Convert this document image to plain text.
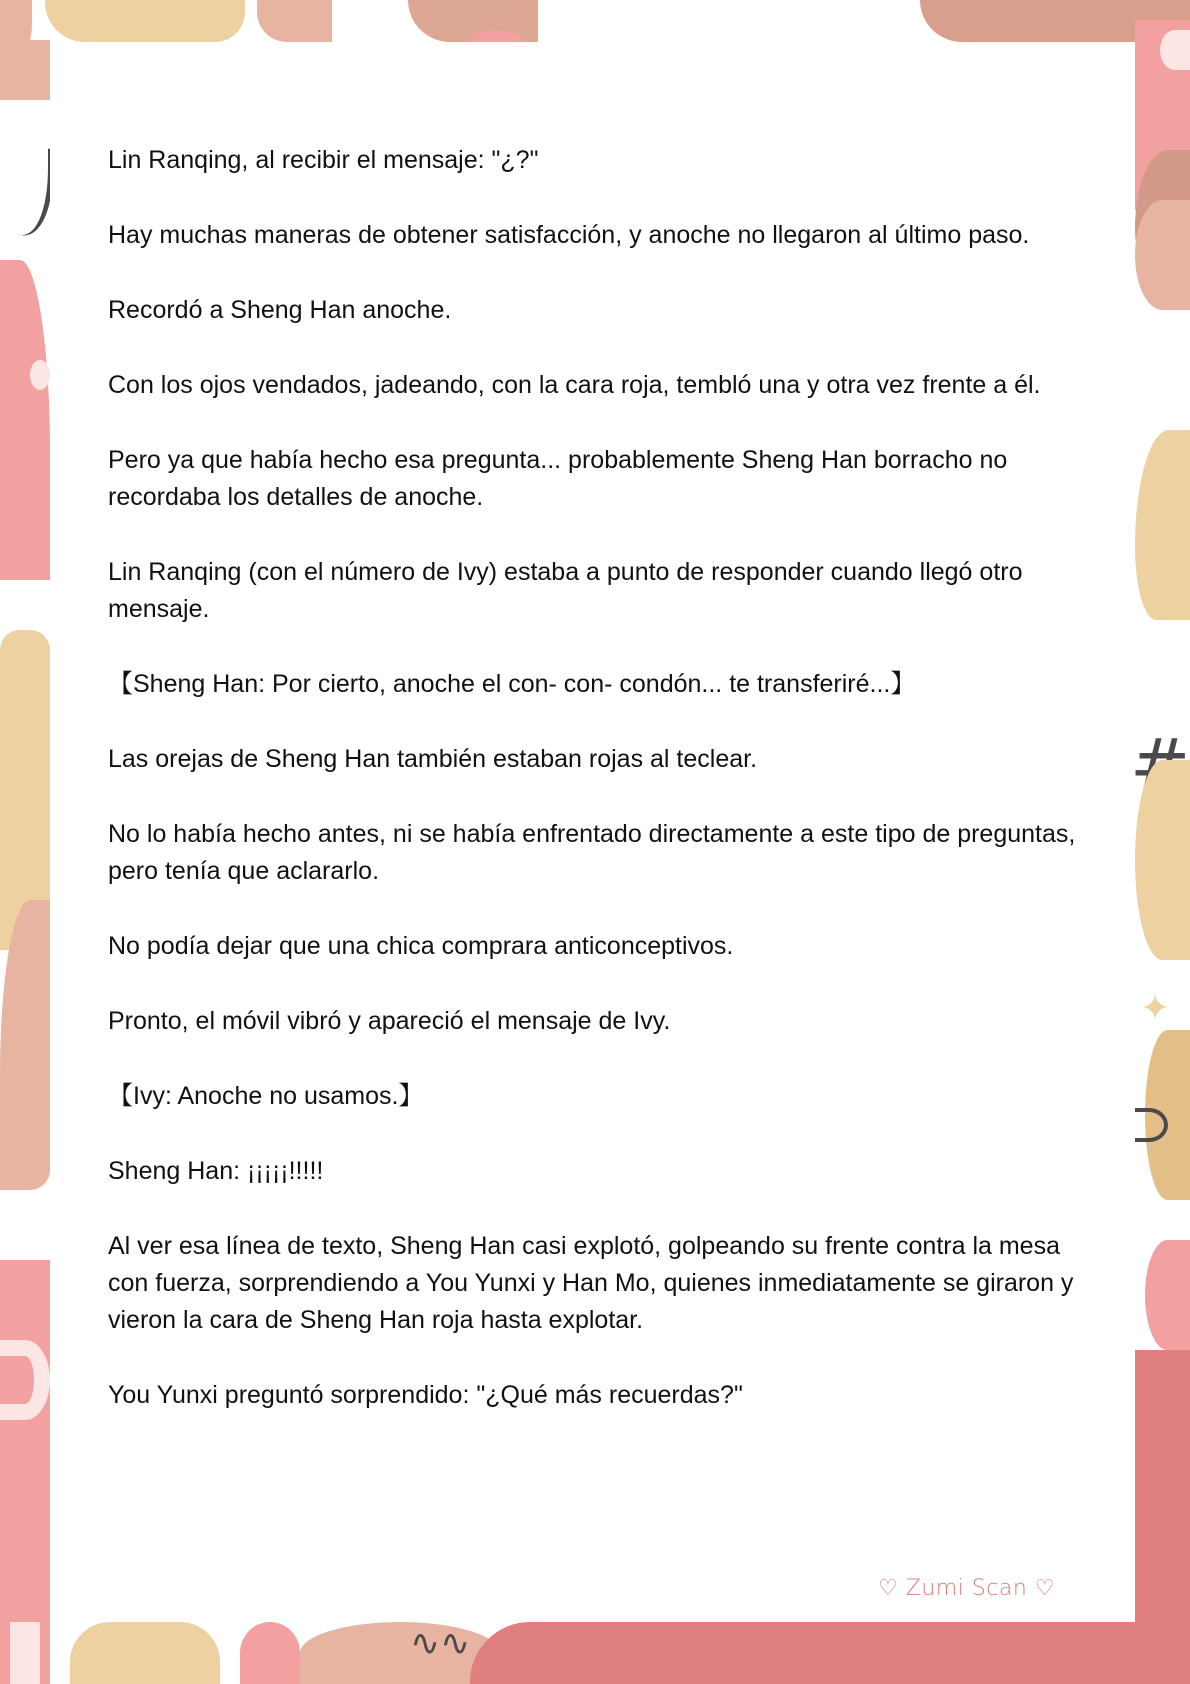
✦
∿∿

Lin Ranqing, al recibir el mensaje: "¿?"

Hay muchas maneras de obtener satisfacción, y anoche no llegaron al último paso.

Recordó a Sheng Han anoche.

Con los ojos vendados, jadeando, con la cara roja, tembló una y otra vez frente a él.

Pero ya que había hecho esa pregunta... probablemente Sheng Han borracho no recordaba los detalles de anoche.

Lin Ranqing (con el número de Ivy) estaba a punto de responder cuando llegó otro mensaje.

【Sheng Han: Por cierto, anoche el con- con- condón... te transferiré...】

Las orejas de Sheng Han también estaban rojas al teclear.

No lo había hecho antes, ni se había enfrentado directamente a este tipo de preguntas, pero tenía que aclararlo.

No podía dejar que una chica comprara anticonceptivos.

Pronto, el móvil vibró y apareció el mensaje de Ivy.

【Ivy: Anoche no usamos.】

Sheng Han: ¡¡¡¡¡!!!!!

Al ver esa línea de texto, Sheng Han casi explotó, golpeando su frente contra la mesa con fuerza, sorprendiendo a You Yunxi y Han Mo, quienes inmediatamente se giraron y vieron la cara de Sheng Han roja hasta explotar.

You Yunxi preguntó sorprendido: "¿Qué más recuerdas?"

♡ Zumi Scan ♡
